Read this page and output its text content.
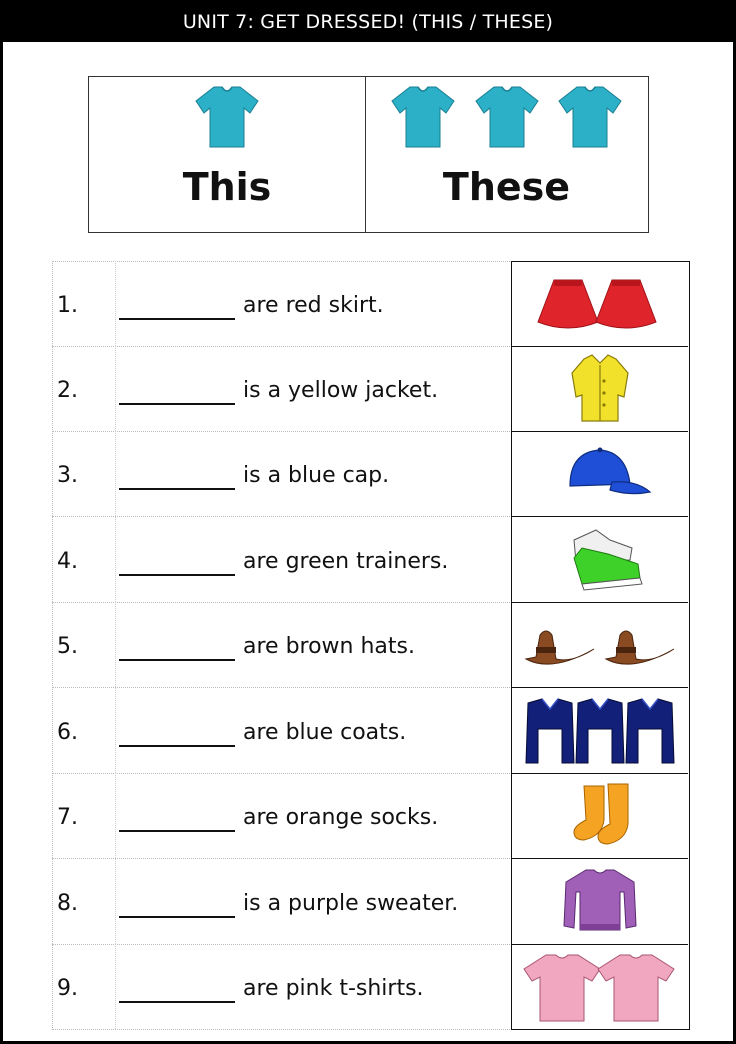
UNIT 7: GET DRESSED! (THIS / THESE)
This
	These
1.	are red skirt.
2.	is a yellow jacket.
3.	is a blue cap.
4.	are green trainers.
5.	are brown hats.
6.	are blue coats.
7.	are orange socks.
8.	is a purple sweater.
9.	are pink t-shirts.
